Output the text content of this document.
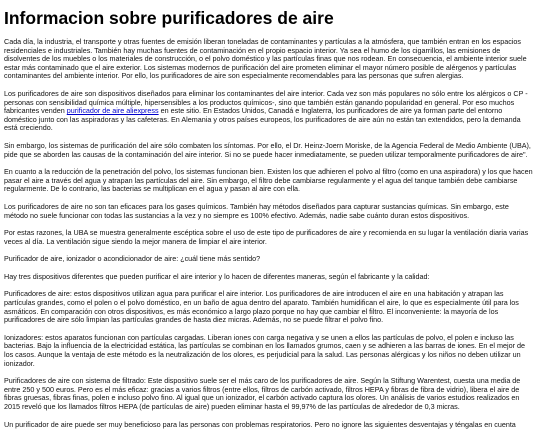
Informacion sobre purificadores de aire

Cada día, la industria, el transporte y otras fuentes de emisión liberan toneladas de contaminantes y partículas a la atmósfera, que también entran en los espacios residenciales e industriales. También hay muchas fuentes de contaminación en el propio espacio interior. Ya sea el humo de los cigarrillos, las emisiones de disolventes de los muebles o los materiales de construcción, o el polvo doméstico y las partículas finas que nos rodean. En consecuencia, el ambiente interior suele estar más contaminado que el aire exterior. Los sistemas modernos de purificación del aire prometen eliminar el mayor número posible de alérgenos y partículas contaminantes del ambiente interior. Por ello, los purificadores de aire son especialmente recomendables para las personas que sufren alergias.

Los purificadores de aire son dispositivos diseñados para eliminar los contaminantes del aire interior. Cada vez son más populares no sólo entre los alérgicos o CP -personas con sensibilidad química múltiple, hipersensibles a los productos químicos-, sino que también están ganando popularidad en general. Por eso muchos fabricantes venden purificador de aire aliexpress en este sitio. En Estados Unidos, Canadá e Inglaterra, los purificadores de aire ya forman parte del entorno doméstico junto con las aspiradoras y las cafeteras. En Alemania y otros países europeos, los purificadores de aire aún no están tan extendidos, pero la demanda está creciendo.

Sin embargo, los sistemas de purificación del aire sólo combaten los síntomas. Por ello, el Dr. Heinz-Joern Moriske, de la Agencia Federal de Medio Ambiente (UBA), pide que se aborden las causas de la contaminación del aire interior. Si no se puede hacer inmediatamente, se pueden utilizar temporalmente purificadores de aire".

En cuanto a la reducción de la penetración del polvo, los sistemas funcionan bien. Existen los que adhieren el polvo al filtro (como en una aspiradora) y los que hacen pasar el aire a través del agua y atrapan las partículas del aire. Sin embargo, el filtro debe cambiarse regularmente y el agua del tanque también debe cambiarse regularmente. De lo contrario, las bacterias se multiplican en el agua y pasan al aire con ella.

Los purificadores de aire no son tan eficaces para los gases químicos. También hay métodos diseñados para capturar sustancias químicas. Sin embargo, este método no suele funcionar con todas las sustancias a la vez y no siempre es 100% efectivo. Además, nadie sabe cuánto duran estos dispositivos.

Por estas razones, la UBA se muestra generalmente escéptica sobre el uso de este tipo de purificadores de aire y recomienda en su lugar la ventilación diaria varias veces al día. La ventilación sigue siendo la mejor manera de limpiar el aire interior.

Purificador de aire, ionizador o acondicionador de aire: ¿cuál tiene más sentido?

Hay tres dispositivos diferentes que pueden purificar el aire interior y lo hacen de diferentes maneras, según el fabricante y la calidad:

Purificadores de aire: estos dispositivos utilizan agua para purificar el aire interior. Los purificadores de aire introducen el aire en una habitación y atrapan las partículas grandes, como el polen o el polvo doméstico, en un baño de agua dentro del aparato. También humidifican el aire, lo que es especialmente útil para los asmáticos. En comparación con otros dispositivos, es más económico a largo plazo porque no hay que cambiar el filtro. El inconveniente: la mayoría de los purificadores de aire sólo limpian las partículas grandes de hasta diez micras. Además, no se puede filtrar el polvo fino.

Ionizadores: estos aparatos funcionan con partículas cargadas. Liberan iones con carga negativa y se unen a ellos las partículas de polvo, el polen e incluso las bacterias. Bajo la influencia de la electricidad estática, las partículas se combinan en los llamados grumos, caen y se adhieren a las barras de iones. En el mejor de los casos. Aunque la ventaja de este método es la neutralización de los olores, es perjudicial para la salud. Las personas alérgicas y los niños no deben utilizar un ionizador.

Purificadores de aire con sistema de filtrado: Este dispositivo suele ser el más caro de los purificadores de aire. Según la Stiftung Warentest, cuesta una media de entre 250 y 500 euros. Pero es el más eficaz: gracias a varios filtros (entre ellos, filtros de carbón activado, filtros HEPA y fibras de fibra de vidrio), libera el aire de fibras gruesas, fibras finas, polen e incluso polvo fino. Al igual que un ionizador, el carbón activado captura los olores. Un análisis de varios estudios realizados en 2015 reveló que los llamados filtros HEPA (de partículas de aire) pueden eliminar hasta el 99,97% de las partículas de alrededor de 0,3 micras.

Un purificador de aire puede ser muy beneficioso para las personas con problemas respiratorios. Pero no ignore las siguientes desventajas y téngalas en cuenta
